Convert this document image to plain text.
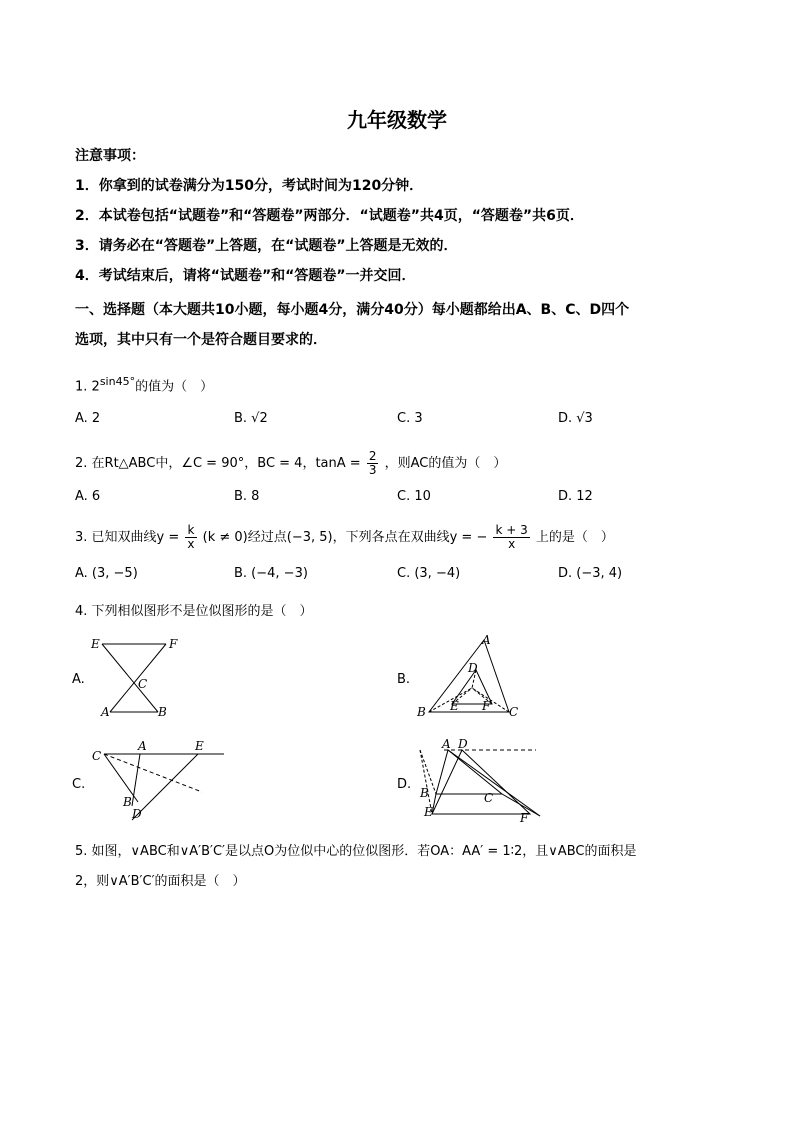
九年级数学
注意事项：
1．你拿到的试卷满分为150分，考试时间为120分钟．
2．本试卷包括“试题卷”和“答题卷”两部分．“试题卷”共4页，“答题卷”共6页．
3．请务必在“答题卷”上答题，在“试题卷”上答题是无效的．
4．考试结束后，请将“试题卷”和“答题卷”一并交回．
一、选择题（本大题共10小题，每小题4分，满分40分）每小题都给出A、B、C、D四个
选项，其中只有一个是符合题目要求的．
1. $2^{sin45^\circ}$的值为（　）
A. 2	B. √2	C. 3	D. √3
2. 在Rt△ABC中，∠C = 90°，BC = 4，$\tan A = \frac{2}{3}$ ，则AC的值为（　）
A. 6	B. 8	C. 10	D. 12
3. 已知双曲线$y = \frac{k}{x} (k \ne 0)$经过点(−3, 5)，下列各点在双曲线y = − $\frac{k + 3}{x}$ 上的是（　）
A. (3, −5)	B. (−4, −3)	C. (3, −4)	D. (−3, 4)
4. 下列相似图形不是位似图形的是（　）
A.	B.
C.	D.
E	F
C
A	B
A
D
B E F C
C
A	E
B
D
A D
B	C
E	F
5. 如图，∨ABC和∨A′B′C′是以点O为位似中心的位似图形．若OA：AA′ = 1∶2，且∨ABC的面积是
2，则∨A′B′C′的面积是（　）
